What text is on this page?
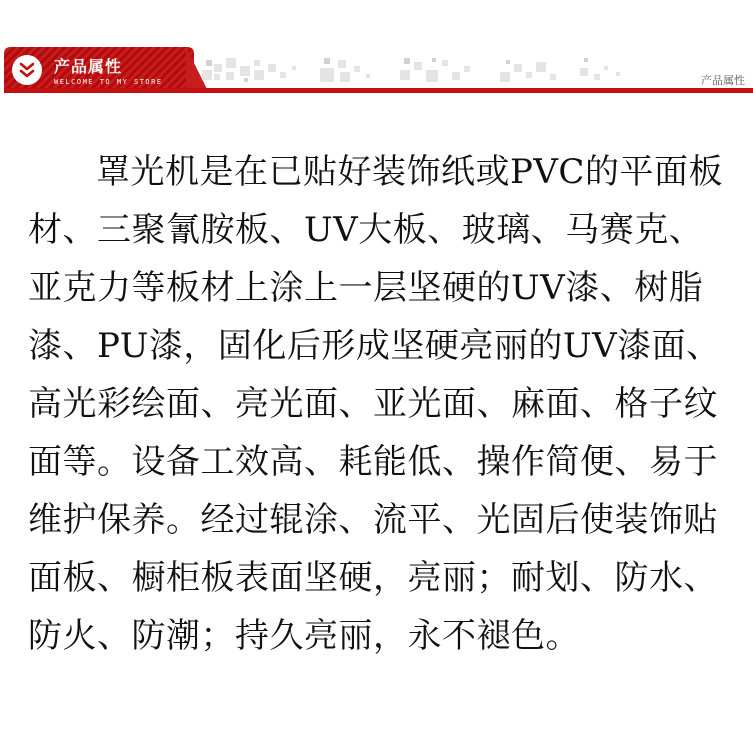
产品属性
WELCOME TO MY STORE	产品属性

罩光机是在已贴好装饰纸或PVC的平面板材、三聚氰胺板、UV大板、玻璃、马赛克、亚克力等板材上涂上一层坚硬的UV漆、树脂漆、PU漆，固化后形成坚硬亮丽的UV漆面、高光彩绘面、亮光面、亚光面、麻面、格子纹面等。设备工效高、耗能低、操作简便、易于维护保养。经过辊涂、流平、光固后使装饰贴面板、橱柜板表面坚硬，亮丽；耐划、防水、防火、防潮；持久亮丽，永不褪色。
